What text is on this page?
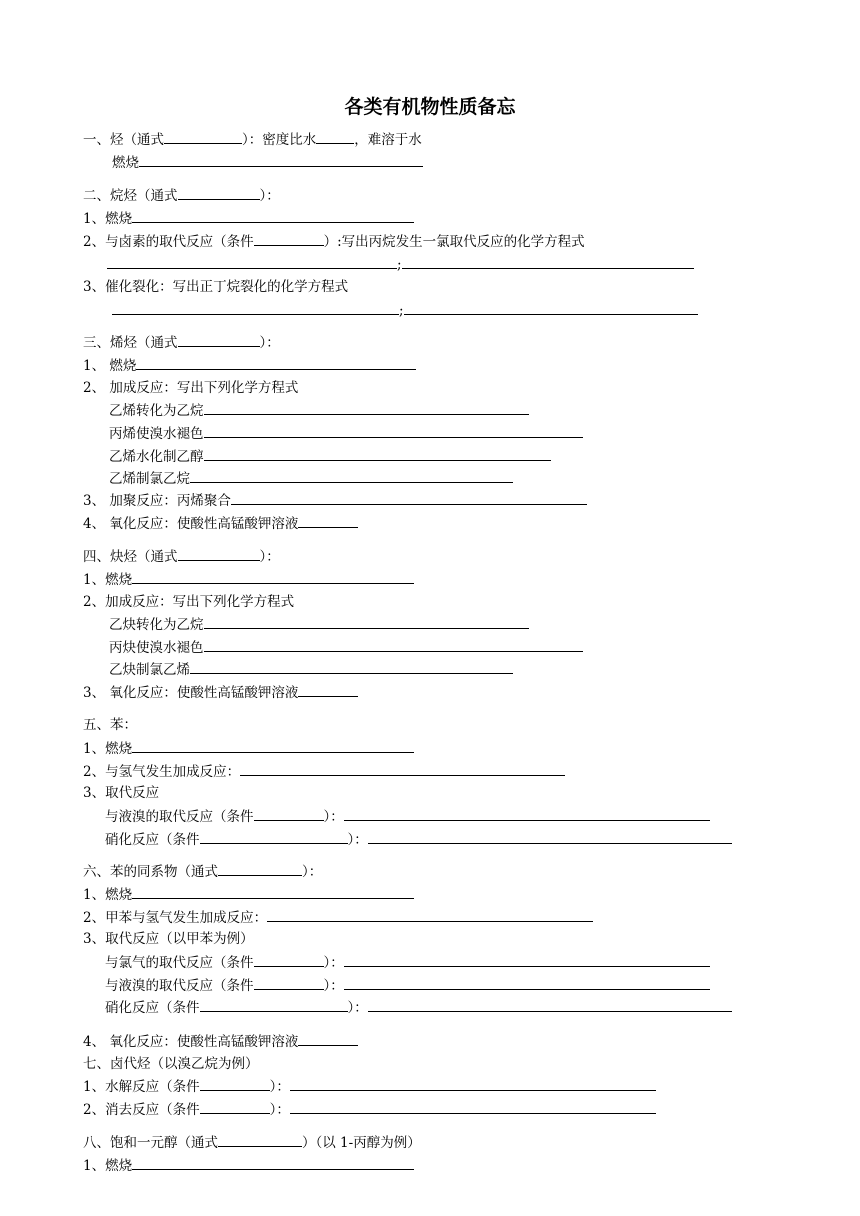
各类有机物性质备忘
一、烃（通式	）：密度比水	，难溶于水
燃烧
二、烷烃（通式	）：
1、燃烧
2、与卤素的取代反应（条件	）:写出丙烷发生一氯取代反应的化学方程式
;
3、催化裂化：写出正丁烷裂化的化学方程式
;
三、烯烃（通式	）：
1、 燃烧
2、 加成反应：写出下列化学方程式
乙烯转化为乙烷
丙烯使溴水褪色
乙烯水化制乙醇
乙烯制氯乙烷
3、 加聚反应：丙烯聚合
4、 氧化反应：使酸性高锰酸钾溶液
四、炔烃（通式	）：
1、燃烧
2、加成反应：写出下列化学方程式
乙炔转化为乙烷
丙炔使溴水褪色
乙炔制氯乙烯
3、 氧化反应：使酸性高锰酸钾溶液
五、苯：
1、燃烧
2、与氢气发生加成反应：
3、取代反应
与液溴的取代反应（条件	）：
硝化反应（条件	）：
六、苯的同系物（通式	）：
1、燃烧
2、甲苯与氢气发生加成反应：
3、取代反应（以甲苯为例）
与氯气的取代反应（条件	）：
与液溴的取代反应（条件	）：
硝化反应（条件	）：
4、 氧化反应：使酸性高锰酸钾溶液
七、卤代烃（以溴乙烷为例）
1、水解反应（条件	）：
2、消去反应（条件	）：
八、饱和一元醇（通式	）（以 1-丙醇为例）
1、燃烧
